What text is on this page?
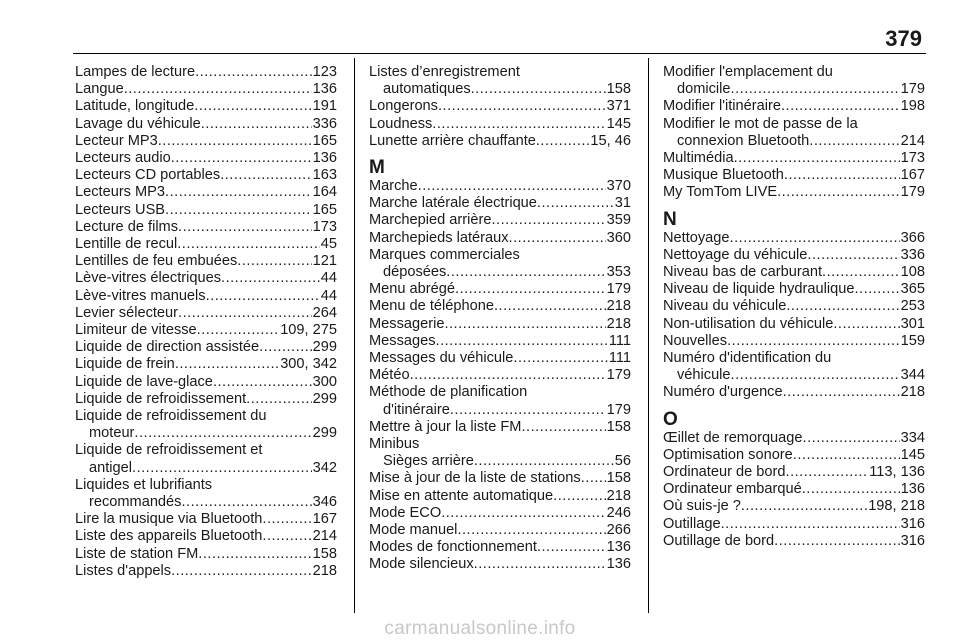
379
Lampes de lecture .....	123
Langue .....	136
Latitude, longitude .....	191
Lavage du véhicule .....	336
Lecteur MP3 .....	165
Lecteurs audio .....	136
Lecteurs CD portables .....	163
Lecteurs MP3 .....	164
Lecteurs USB .....	165
Lecture de films .....	173
Lentille de recul .....	45
Lentilles de feu embuées .....	121
Lève-vitres électriques .....	44
Lève-vitres manuels .....	44
Levier sélecteur .....	264
Limiteur de vitesse .....	109, 275
Liquide de direction assistée .....	299
Liquide de frein .....	300, 342
Liquide de lave-glace .....	300
Liquide de refroidissement .....	299
Liquide de refroidissement du
moteur .....	299
Liquide de refroidissement et
antigel .....	342
Liquides et lubrifiants
recommandés .....	346
Lire la musique via Bluetooth .....	167
Liste des appareils Bluetooth .....	214
Liste de station FM .....	158
Listes d'appels .....	218
Listes d’enregistrement
automatiques .....	158
Longerons .....	371
Loudness .....	145
Lunette arrière chauffante .....	15, 46
M
Marche .....	370
Marche latérale électrique .....	31
Marchepied arrière .....	359
Marchepieds latéraux .....	360
Marques commerciales
déposées .....	353
Menu abrégé .....	179
Menu de téléphone .....	218
Messagerie .....	218
Messages .....	111
Messages du véhicule .....	111
Météo .....	179
Méthode de planification
d'itinéraire .....	179
Mettre à jour la liste FM .....	158
Minibus
Sièges arrière .....	56
Mise à jour de la liste de stations ..... 158
Mise en attente automatique .....	218
Mode ECO .....	246
Mode manuel .....	266
Modes de fonctionnement .....	136
Mode silencieux .....	136
Modifier l'emplacement du
domicile .....	179
Modifier l'itinéraire .....	198
Modifier le mot de passe de la
connexion Bluetooth .....	214
Multimédia .....	173
Musique Bluetooth .....	167
My TomTom LIVE .....	179
N
Nettoyage .....	366
Nettoyage du véhicule .....	336
Niveau bas de carburant .....	108
Niveau de liquide hydraulique .....	365
Niveau du véhicule .....	253
Non-utilisation du véhicule .....	301
Nouvelles .....	159
Numéro d'identification du
véhicule .....	344
Numéro d'urgence .....	218
O
Œillet de remorquage .....	334
Optimisation sonore .....	145
Ordinateur de bord .....	113, 136
Ordinateur embarqué .....	136
Où suis-je ? .....	198, 218
Outillage .....	316
Outillage de bord .....	316
carmanualsonline.info
